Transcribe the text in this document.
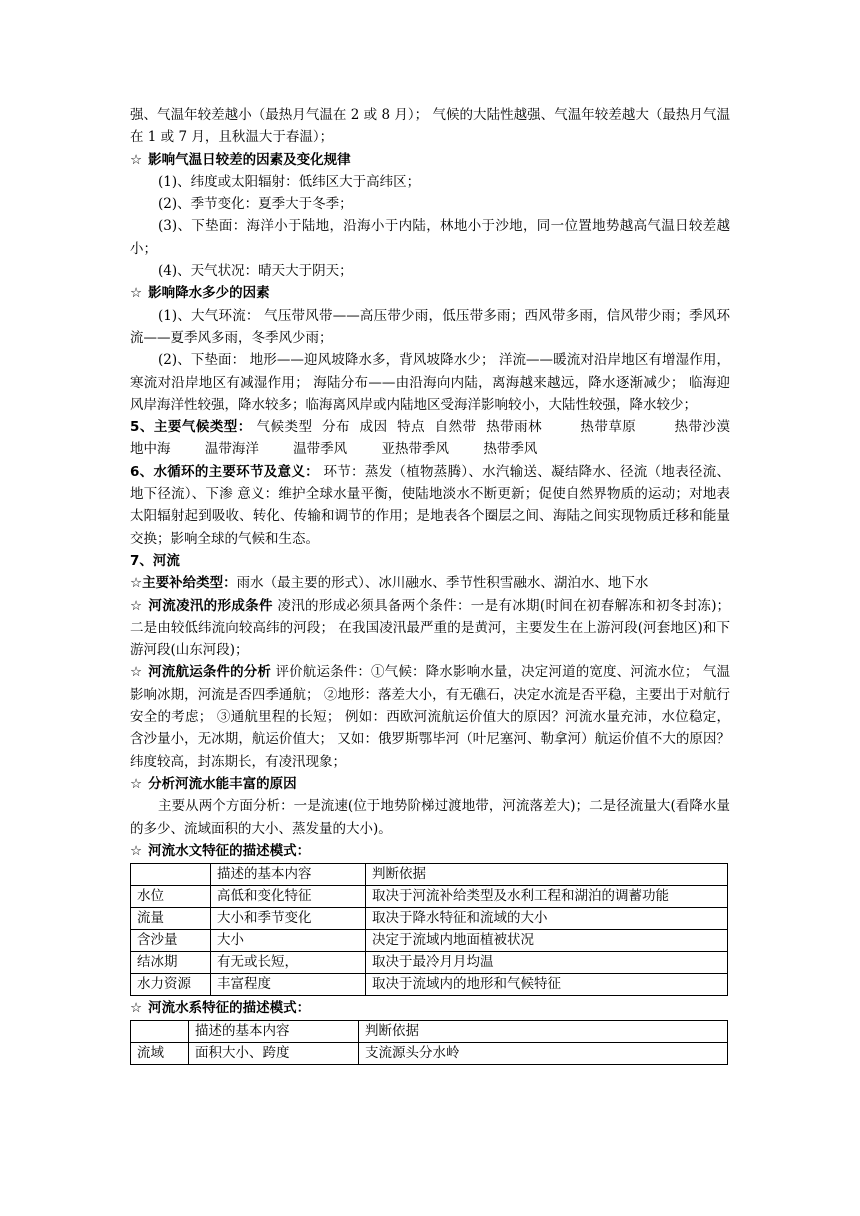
强、气温年较差越小（最热月气温在 2 或 8 月）； 气候的大陆性越强、气温年较差越大（最热月气温在 1 或 7 月，且秋温大于春温）；

☆ 影响气温日较差的因素及变化规律

(1)、纬度或太阳辐射：低纬区大于高纬区；

(2)、季节变化：夏季大于冬季；

(3)、下垫面：海洋小于陆地，沿海小于内陆，林地小于沙地，同一位置地势越高气温日较差越小；

(4)、天气状况：晴天大于阴天；

☆ 影响降水多少的因素

(1)、大气环流： 气压带风带——高压带少雨，低压带多雨；西风带多雨，信风带少雨；季风环流——夏季风多雨，冬季风少雨；

(2)、下垫面： 地形——迎风坡降水多，背风坡降水少； 洋流——暖流对沿岸地区有增湿作用，寒流对沿岸地区有减湿作用； 海陆分布——由沿海向内陆，离海越来越远，降水逐渐减少； 临海迎风岸海洋性较强，降水较多；临海离风岸或内陆地区受海洋影响较小，大陆性较强，降水较少；

5、主要气候类型： 气候类型  分布  成因  特点  自然带  热带雨林        热带草原        热带沙漠        地中海        温带海洋        温带季风        亚热带季风        热带季风

6、水循环的主要环节及意义： 环节：蒸发（植物蒸腾）、水汽输送、凝结降水、径流（地表径流、地下径流）、下渗 意义：维护全球水量平衡，使陆地淡水不断更新；促使自然界物质的运动；对地表太阳辐射起到吸收、转化、传输和调节的作用；是地表各个圈层之间、海陆之间实现物质迁移和能量交换；影响全球的气候和生态。

7、河流

☆主要补给类型：雨水（最主要的形式）、冰川融水、季节性积雪融水、湖泊水、地下水

☆ 河流凌汛的形成条件 凌汛的形成必须具备两个条件：一是有冰期(时间在初春解冻和初冬封冻)； 二是由较低纬流向较高纬的河段； 在我国凌汛最严重的是黄河，主要发生在上游河段(河套地区)和下游河段(山东河段)；

☆ 河流航运条件的分析 评价航运条件：①气候：降水影响水量，决定河道的宽度、河流水位； 气温影响冰期，河流是否四季通航； ②地形：落差大小，有无礁石，决定水流是否平稳，主要出于对航行安全的考虑； ③通航里程的长短； 例如：西欧河流航运价值大的原因？河流水量充沛，水位稳定，含沙量小，无冰期，航运价值大； 又如：俄罗斯鄂毕河（叶尼塞河、勒拿河）航运价值不大的原因？ 纬度较高，封冻期长，有凌汛现象；

☆ 分析河流水能丰富的原因

主要从两个方面分析：一是流速(位于地势阶梯过渡地带，河流落差大)；二是径流量大(看降水量的多少、流域面积的大小、蒸发量的大小)。

☆ 河流水文特征的描述模式：

	描述的基本内容	判断依据
水位	高低和变化特征	取决于河流补给类型及水利工程和湖泊的调蓄功能
流量	大小和季节变化	取决于降水特征和流域的大小
含沙量	大小	决定于流域内地面植被状况
结冰期	有无或长短，	取决于最冷月月均温
水力资源	丰富程度	取决于流域内的地形和气候特征

☆ 河流水系特征的描述模式：

	描述的基本内容	判断依据
流域	面积大小、跨度	支流源头分水岭
